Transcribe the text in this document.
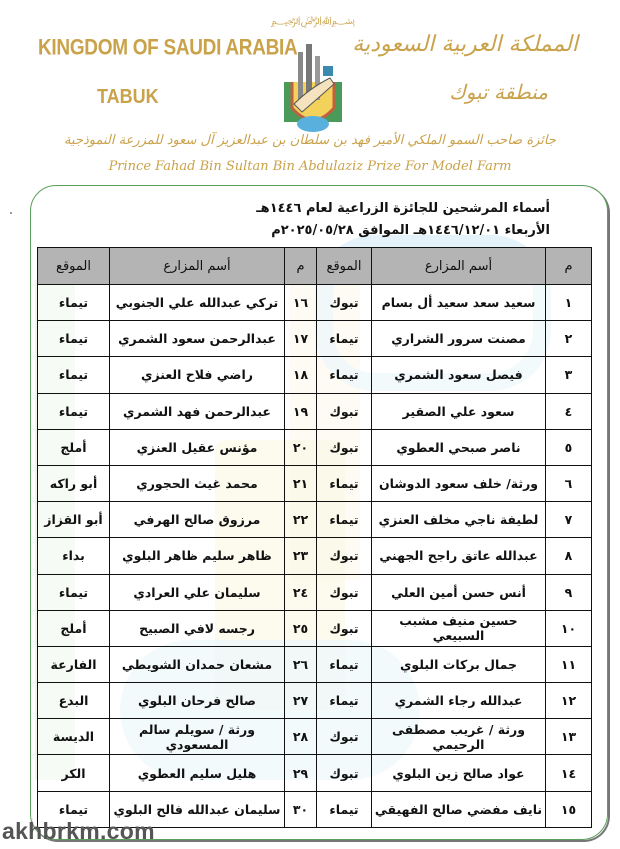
KINGDOM OF SAUDI ARABIA
TABUK
المملكة العربية السعودية
منطقة تبوك
﷽
جائزة صاحب السمو الملكي الأمير فهد بن سلطان بن عبدالعزيز آل سعود للمزرعة النموذجية
Prince Fahad Bin Sultan Bin Abdulaziz Prize For Model Farm
أسماء المرشحين للجائزة الزراعية لعام ١٤٤٦هـ
الأربعاء ١٤٤٦/١٢/٠١هـ الموافق ٢٠٢٥/٠٥/٢٨م
م	أسم المزارع	الموقع	م	أسم المزارع	الموقع
١	سعيد سعد سعيد أل بسام	تبوك	١٦	تركي عبدالله علي الجنوبي	تيماء
٢	مصنت سرور الشراري	تيماء	١٧	عبدالرحمن سعود الشمري	تيماء
٣	فيصل سعود الشمري	تيماء	١٨	راضي فلاح العنزي	تيماء
٤	سعود علي الصقير	تبوك	١٩	عبدالرحمن فهد الشمري	تيماء
٥	ناصر صبحي العطوي	تبوك	٢٠	مؤنس عقيل العنزي	أملج
٦	ورثة/ خلف سعود الدوشان	تيماء	٢١	محمد غيث الحجوري	أبو راكه
٧	لطيفة ناجي مخلف العنزي	تيماء	٢٢	مرزوق صالح الهرفي	أبو القزاز
٨	عبدالله عاتق راجح الجهني	تبوك	٢٣	ظاهر سليم ظاهر البلوي	بداء
٩	أنس حسن أمين العلي	تبوك	٢٤	سليمان علي العرادي	تيماء
١٠	حسين منيف مشبب السبيعي	تبوك	٢٥	رجسه لافي الصبيح	أملج
١١	جمال بركات البلوي	تيماء	٢٦	مشعان حمدان الشويطي	الفارعة
١٢	عبدالله رجاء الشمري	تيماء	٢٧	صالح فرحان البلوي	البدع
١٣	ورثة / غريب مصطفى الرحيمي	تبوك	٢٨	ورثة / سويلم سالم المسعودي	الديسة
١٤	عواد صالح زين البلوي	تبوك	٢٩	هليل سليم العطوي	الكر
١٥	نايف مفضي صالح الفهيقي	تيماء	٣٠	سليمان عبدالله فالح البلوي	تيماء
akhbrkm.com
